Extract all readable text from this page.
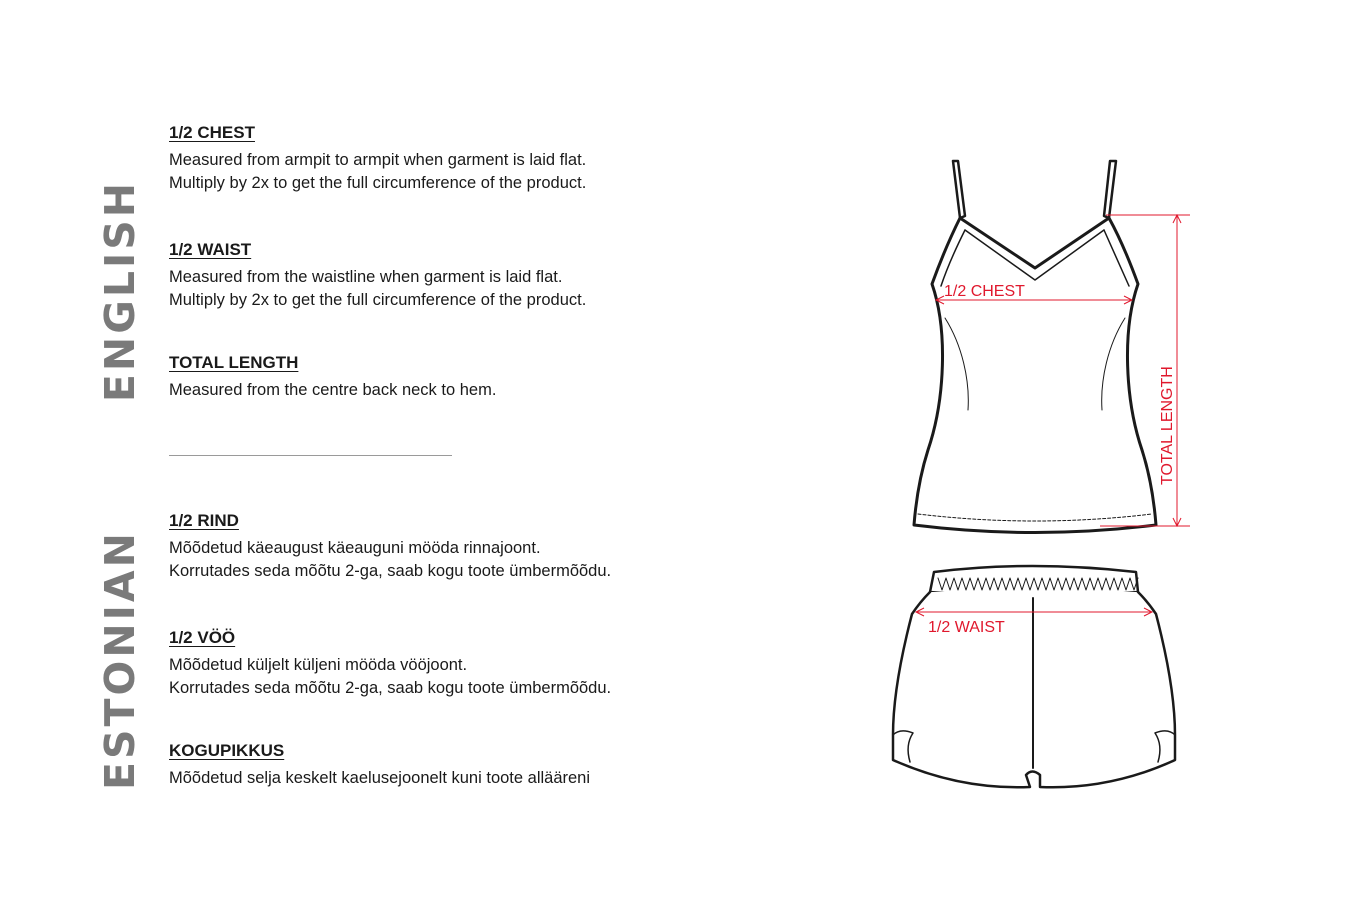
ENGLISH
ESTONIAN

1/2 CHEST

Measured from armpit to armpit when garment is laid flat.
Multiply by 2x to get the full circumference of the product.

1/2 WAIST

Measured from the waistline when garment is laid flat.
Multiply by 2x to get the full circumference of the product.

TOTAL LENGTH

Measured from the centre back neck to hem.

1/2 RIND

Mõõdetud käeaugust käeauguni mööda rinnajoont.
Korrutades seda mõõtu 2-ga, saab kogu toote ümbermõõdu.

1/2 VÖÖ

Mõõdetud küljelt küljeni mööda vööjoont.
Korrutades seda mõõtu 2-ga, saab kogu toote ümbermõõdu.

KOGUPIKKUS

Mõõdetud selja keskelt kaelusejoonelt kuni toote allääreni

1/2 CHEST
TOTAL LENGTH
1/2 WAIST
